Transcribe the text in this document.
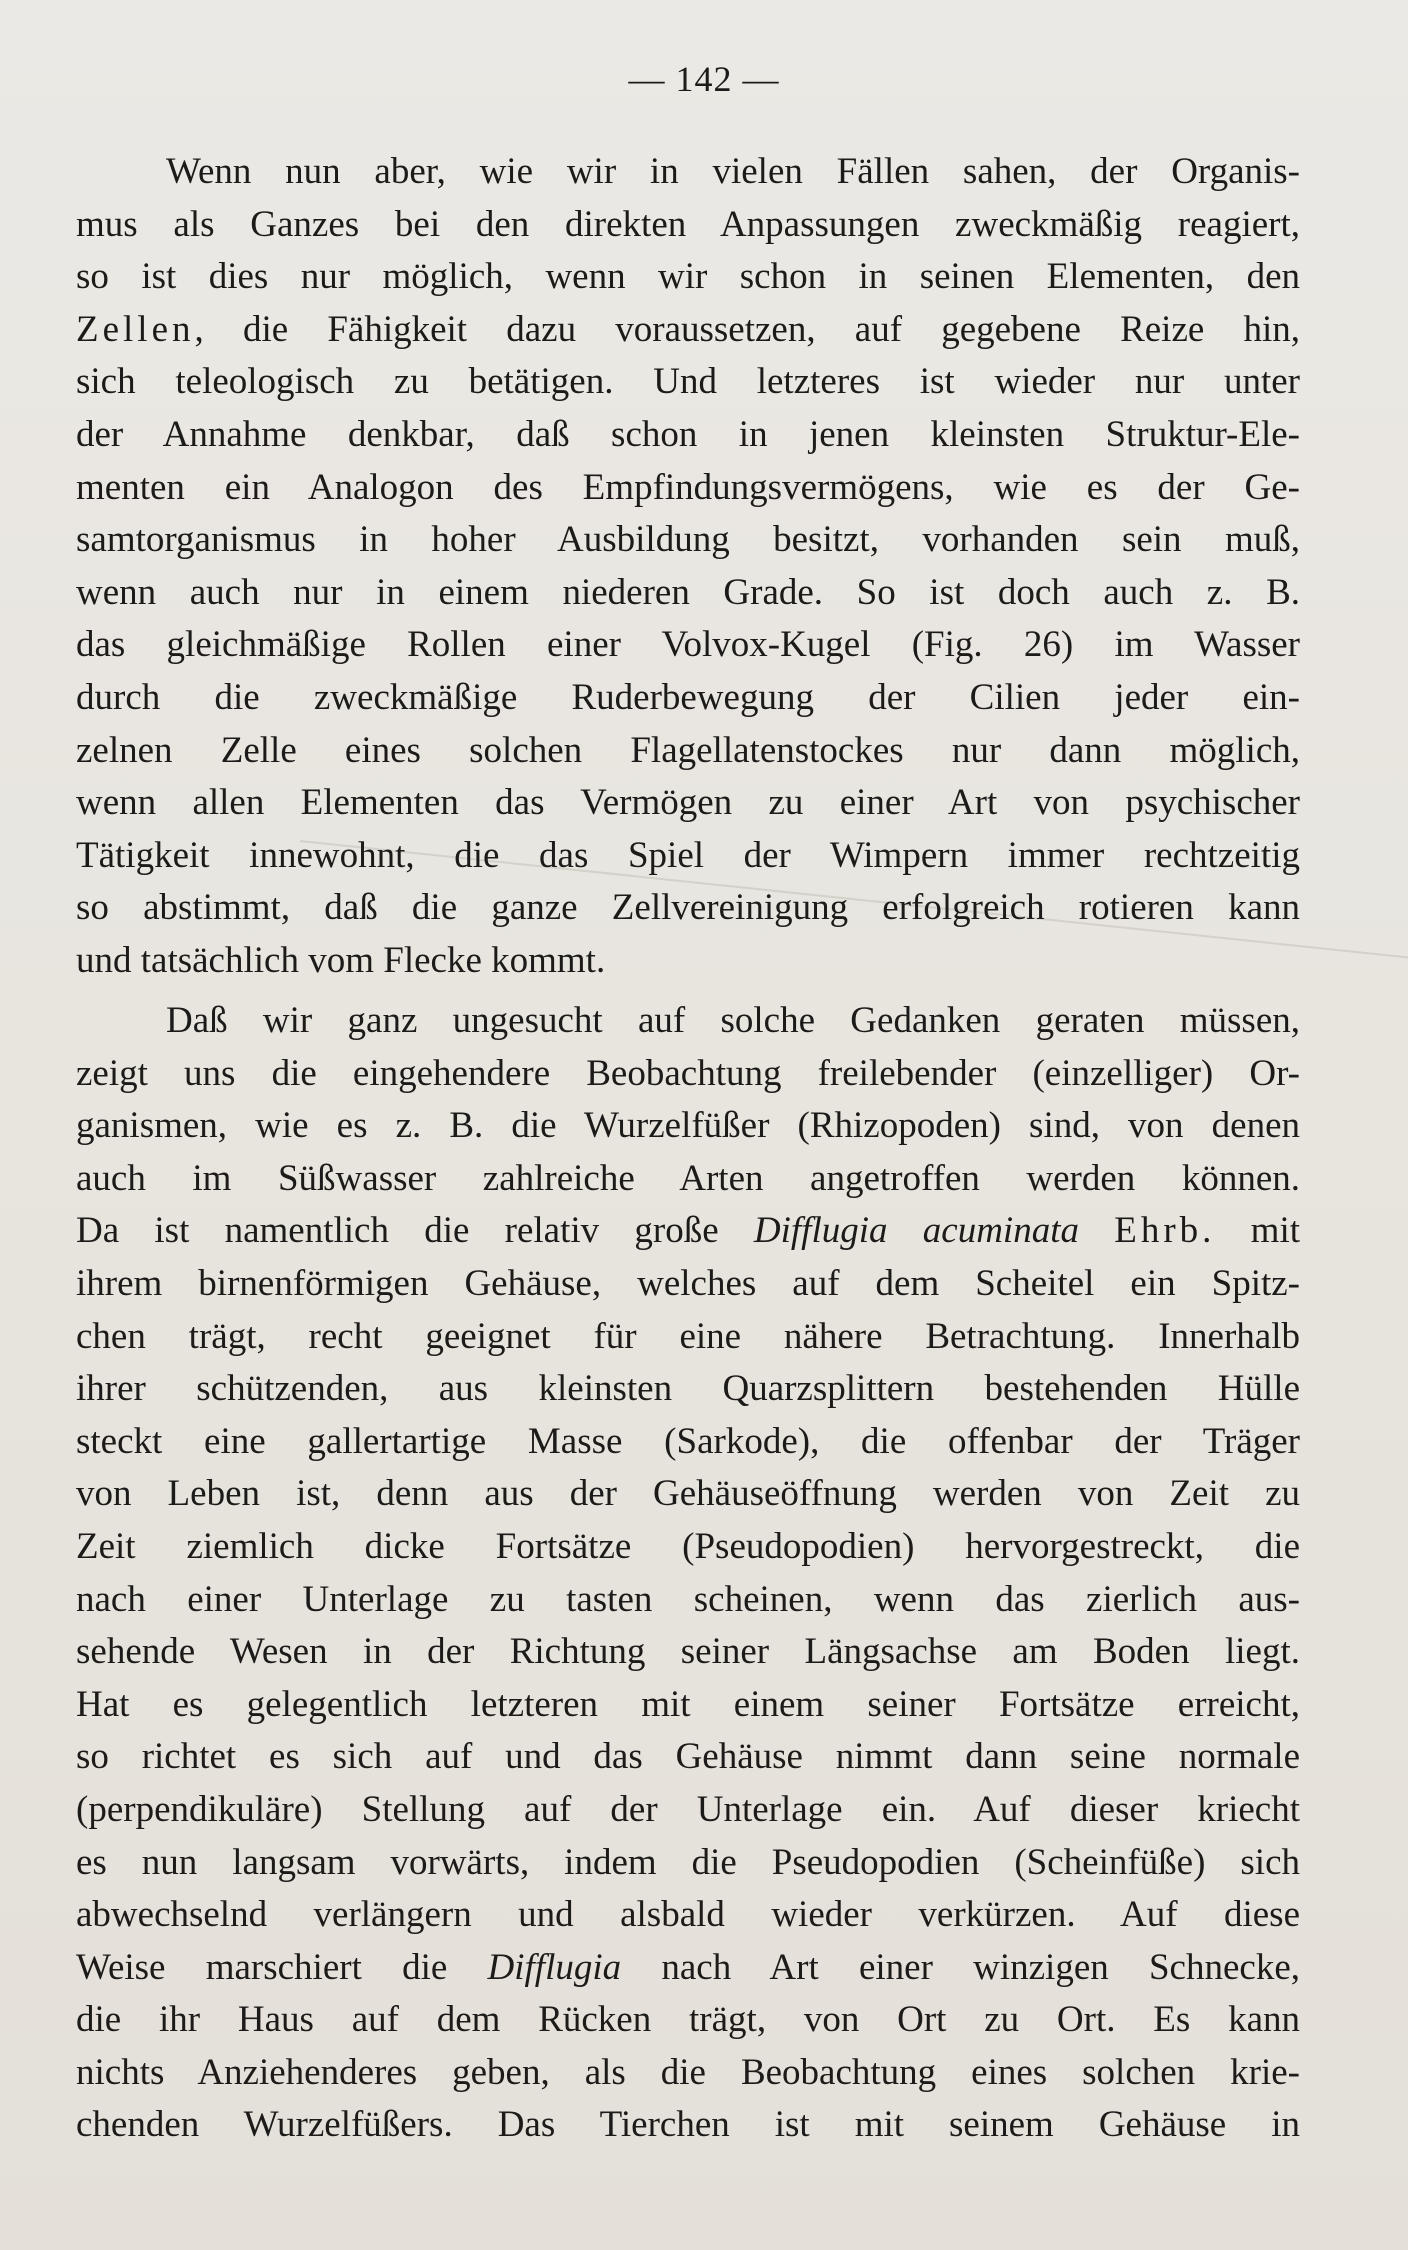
— 142 —
Wenn nun aber, wie wir in vielen Fällen sahen, der Organis-
mus als Ganzes bei den direkten Anpassungen zweckmäßig reagiert,
so ist dies nur möglich, wenn wir schon in seinen Elementen, den
Zellen, die Fähigkeit dazu voraussetzen, auf gegebene Reize hin,
sich teleologisch zu betätigen. Und letzteres ist wieder nur unter
der Annahme denkbar, daß schon in jenen kleinsten Struktur-Ele-
menten ein Analogon des Empfindungsvermögens, wie es der Ge-
samtorganismus in hoher Ausbildung besitzt, vorhanden sein muß,
wenn auch nur in einem niederen Grade. So ist doch auch z. B.
das gleichmäßige Rollen einer Volvox-Kugel (Fig. 26) im Wasser
durch die zweckmäßige Ruderbewegung der Cilien jeder ein-
zelnen Zelle eines solchen Flagellatenstockes nur dann möglich,
wenn allen Elementen das Vermögen zu einer Art von psychischer
Tätigkeit innewohnt, die das Spiel der Wimpern immer rechtzeitig
so abstimmt, daß die ganze Zellvereinigung erfolgreich rotieren kann
und tatsächlich vom Flecke kommt.
Daß wir ganz ungesucht auf solche Gedanken geraten müssen,
zeigt uns die eingehendere Beobachtung freilebender (einzelliger) Or-
ganismen, wie es z. B. die Wurzelfüßer (Rhizopoden) sind, von denen
auch im Süßwasser zahlreiche Arten angetroffen werden können.
Da ist namentlich die relativ große Difflugia acuminata Ehrb. mit
ihrem birnenförmigen Gehäuse, welches auf dem Scheitel ein Spitz-
chen trägt, recht geeignet für eine nähere Betrachtung. Innerhalb
ihrer schützenden, aus kleinsten Quarzsplittern bestehenden Hülle
steckt eine gallertartige Masse (Sarkode), die offenbar der Träger
von Leben ist, denn aus der Gehäuseöffnung werden von Zeit zu
Zeit ziemlich dicke Fortsätze (Pseudopodien) hervorgestreckt, die
nach einer Unterlage zu tasten scheinen, wenn das zierlich aus-
sehende Wesen in der Richtung seiner Längsachse am Boden liegt.
Hat es gelegentlich letzteren mit einem seiner Fortsätze erreicht,
so richtet es sich auf und das Gehäuse nimmt dann seine normale
(perpendikuläre) Stellung auf der Unterlage ein. Auf dieser kriecht
es nun langsam vorwärts, indem die Pseudopodien (Scheinfüße) sich
abwechselnd verlängern und alsbald wieder verkürzen. Auf diese
Weise marschiert die Difflugia nach Art einer winzigen Schnecke,
die ihr Haus auf dem Rücken trägt, von Ort zu Ort. Es kann
nichts Anziehenderes geben, als die Beobachtung eines solchen krie-
chenden Wurzelfüßers. Das Tierchen ist mit seinem Gehäuse in
